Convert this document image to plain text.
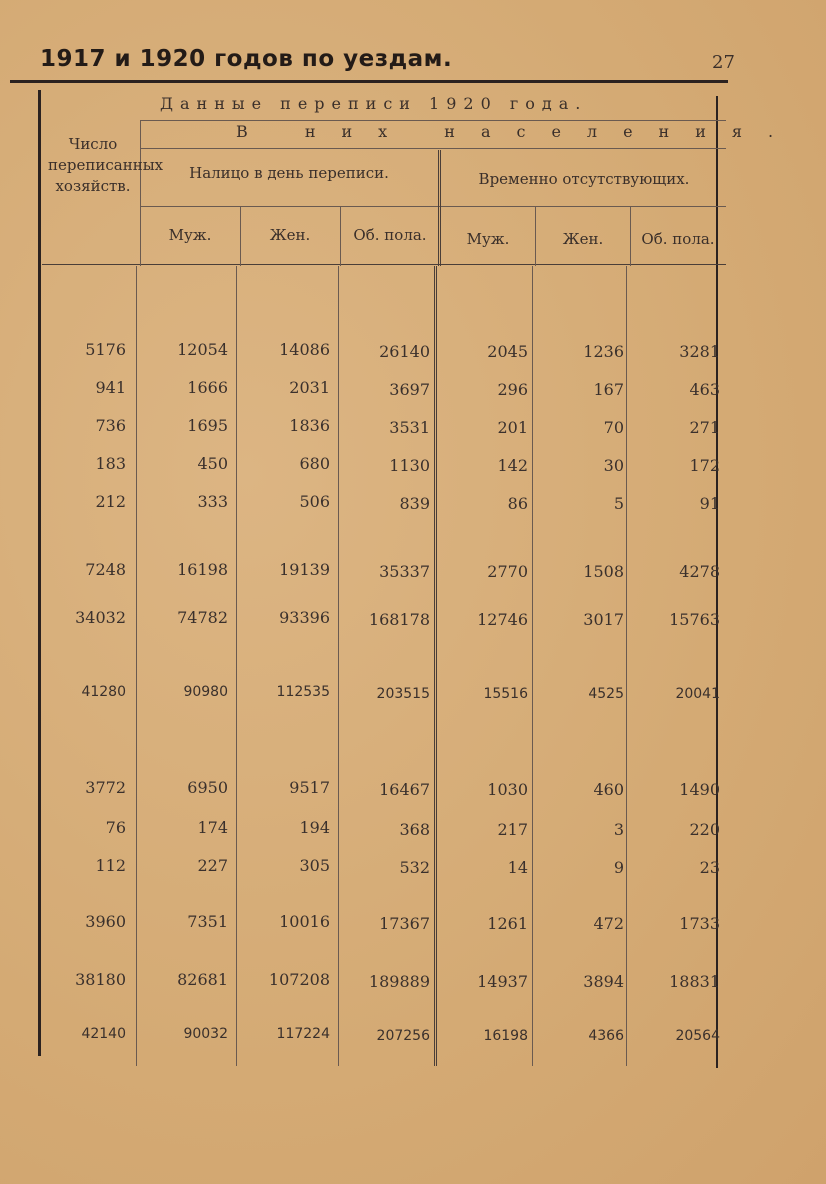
1917 и 1920 годов по уездам.	27
Данные переписи 1920 года.
В них населения.
Число переписанных хозяйств.
Налицо в день переписи.	Временно отсутствующих.
Муж.	Жен.	Об. пола.	Муж.	Жен.	Об. пола.
5176	12054	14086	26140	2045	1236	3281
941	1666	2031	3697	296	167	463
736	1695	1836	3531	201	70	271
183	450	680	1130	142	30	172
212	333	506	839	86	5	91
7248	16198	19139	35337	2770	1508	4278
34032	74782	93396	168178	12746	3017	15763
41280	90980	112535	203515	15516	4525	20041
3772	6950	9517	16467	1030	460	1490
76	174	194	368	217	3	220
112	227	305	532	14	9	23
3960	7351	10016	17367	1261	472	1733
38180	82681	107208	189889	14937	3894	18831
42140	90032	117224	207256	16198	4366	20564
